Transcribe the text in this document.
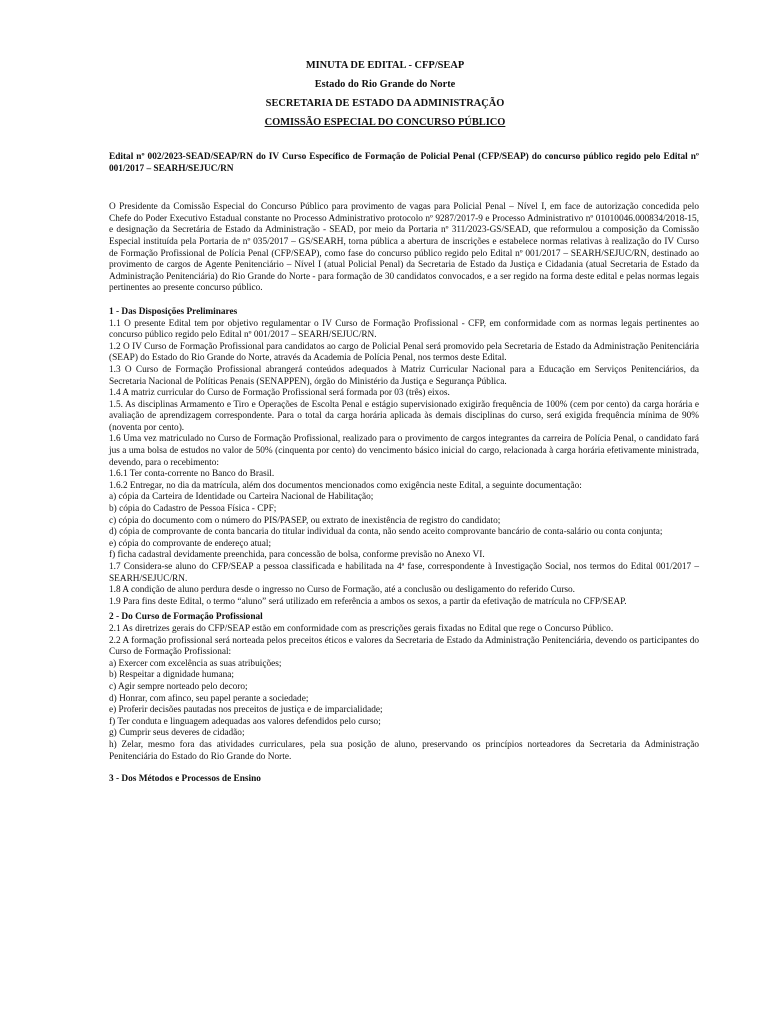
MINUTA DE EDITAL - CFP/SEAP
Estado do Rio Grande do Norte
SECRETARIA DE ESTADO DA ADMINISTRAÇÃO
COMISSÃO ESPECIAL DO CONCURSO PÚBLICO

Edital nº 002/2023-SEAD/SEAP/RN do IV Curso Específico de Formação de Policial Penal (CFP/SEAP) do concurso público regido pelo Edital nº 001/2017 – SEARH/SEJUC/RN

O Presidente da Comissão Especial do Concurso Público para provimento de vagas para Policial Penal – Nível I, em face de autorização concedida pelo Chefe do Poder Executivo Estadual constante no Processo Administrativo protocolo nº 9287/2017-9 e Processo Administrativo nº 01010046.000834/2018-15, e designação da Secretária de Estado da Administração - SEAD, por meio da Portaria nº 311/2023-GS/SEAD, que reformulou a composição da Comissão Especial instituída pela Portaria de nº 035/2017 – GS/SEARH, torna pública a abertura de inscrições e estabelece normas relativas à realização do IV Curso de Formação Profissional de Polícia Penal (CFP/SEAP), como fase do concurso público regido pelo Edital nº 001/2017 – SEARH/SEJUC/RN, destinado ao provimento de cargos de Agente Penitenciário – Nível I (atual Policial Penal) da Secretaria de Estado da Justiça e Cidadania (atual Secretaria de Estado da Administração Penitenciária) do Rio Grande do Norte - para formação de 30 candidatos convocados, e a ser regido na forma deste edital e pelas normas legais pertinentes ao presente concurso público.

1 - Das Disposições Preliminares

1.1 O presente Edital tem por objetivo regulamentar o IV Curso de Formação Profissional - CFP, em conformidade com as normas legais pertinentes ao concurso público regido pelo Edital nº 001/2017 – SEARH/SEJUC/RN.

1.2 O IV Curso de Formação Profissional para candidatos ao cargo de Policial Penal será promovido pela Secretaria de Estado da Administração Penitenciária (SEAP) do Estado do Rio Grande do Norte, através da Academia de Polícia Penal, nos termos deste Edital.

1.3 O Curso de Formação Profissional abrangerá conteúdos adequados à Matriz Curricular Nacional para a Educação em Serviços Penitenciários, da Secretaria Nacional de Políticas Penais (SENAPPEN), órgão do Ministério da Justiça e Segurança Pública.

1.4 A matriz curricular do Curso de Formação Profissional será formada por 03 (três) eixos.

1.5. As disciplinas Armamento e Tiro e Operações de Escolta Penal e estágio supervisionado exigirão frequência de 100% (cem por cento) da carga horária e avaliação de aprendizagem correspondente. Para o total da carga horária aplicada às demais disciplinas do curso, será exigida frequência mínima de 90% (noventa por cento).

1.6 Uma vez matriculado no Curso de Formação Profissional, realizado para o provimento de cargos integrantes da carreira de Polícia Penal, o candidato fará jus a uma bolsa de estudos no valor de 50% (cinquenta por cento) do vencimento básico inicial do cargo, relacionada à carga horária efetivamente ministrada, devendo, para o recebimento:

1.6.1 Ter conta-corrente no Banco do Brasil.

1.6.2 Entregar, no dia da matrícula, além dos documentos mencionados como exigência neste Edital, a seguinte documentação:

a) cópia da Carteira de Identidade ou Carteira Nacional de Habilitação;

b) cópia do Cadastro de Pessoa Física - CPF;

c) cópia do documento com o número do PIS/PASEP, ou extrato de inexistência de registro do candidato;

d) cópia de comprovante de conta bancaria do titular individual da conta, não sendo aceito comprovante bancário de conta-salário ou conta conjunta;

e) cópia do comprovante de endereço atual;

f) ficha cadastral devidamente preenchida, para concessão de bolsa, conforme previsão no Anexo VI.

1.7 Considera-se aluno do CFP/SEAP a pessoa classificada e habilitada na 4ª fase, correspondente à Investigação Social, nos termos do Edital 001/2017 – SEARH/SEJUC/RN.

1.8 A condição de aluno perdura desde o ingresso no Curso de Formação, até a conclusão ou desligamento do referido Curso.

1.9 Para fins deste Edital, o termo “aluno” será utilizado em referência a ambos os sexos, a partir da efetivação de matrícula no CFP/SEAP.

2 - Do Curso de Formação Profissional

2.1 As diretrizes gerais do CFP/SEAP estão em conformidade com as prescrições gerais fixadas no Edital que rege o Concurso Público.

2.2 A formação profissional será norteada pelos preceitos éticos e valores da Secretaria de Estado da Administração Penitenciária, devendo os participantes do Curso de Formação Profissional:

a) Exercer com excelência as suas atribuições;

b) Respeitar a dignidade humana;

c) Agir sempre norteado pelo decoro;

d) Honrar, com afinco, seu papel perante a sociedade;

e) Proferir decisões pautadas nos preceitos de justiça e de imparcialidade;

f) Ter conduta e linguagem adequadas aos valores defendidos pelo curso;

g) Cumprir seus deveres de cidadão;

h) Zelar, mesmo fora das atividades curriculares, pela sua posição de aluno, preservando os princípios norteadores da Secretaria da Administração Penitenciária do Estado do Rio Grande do Norte.

3 - Dos Métodos e Processos de Ensino
